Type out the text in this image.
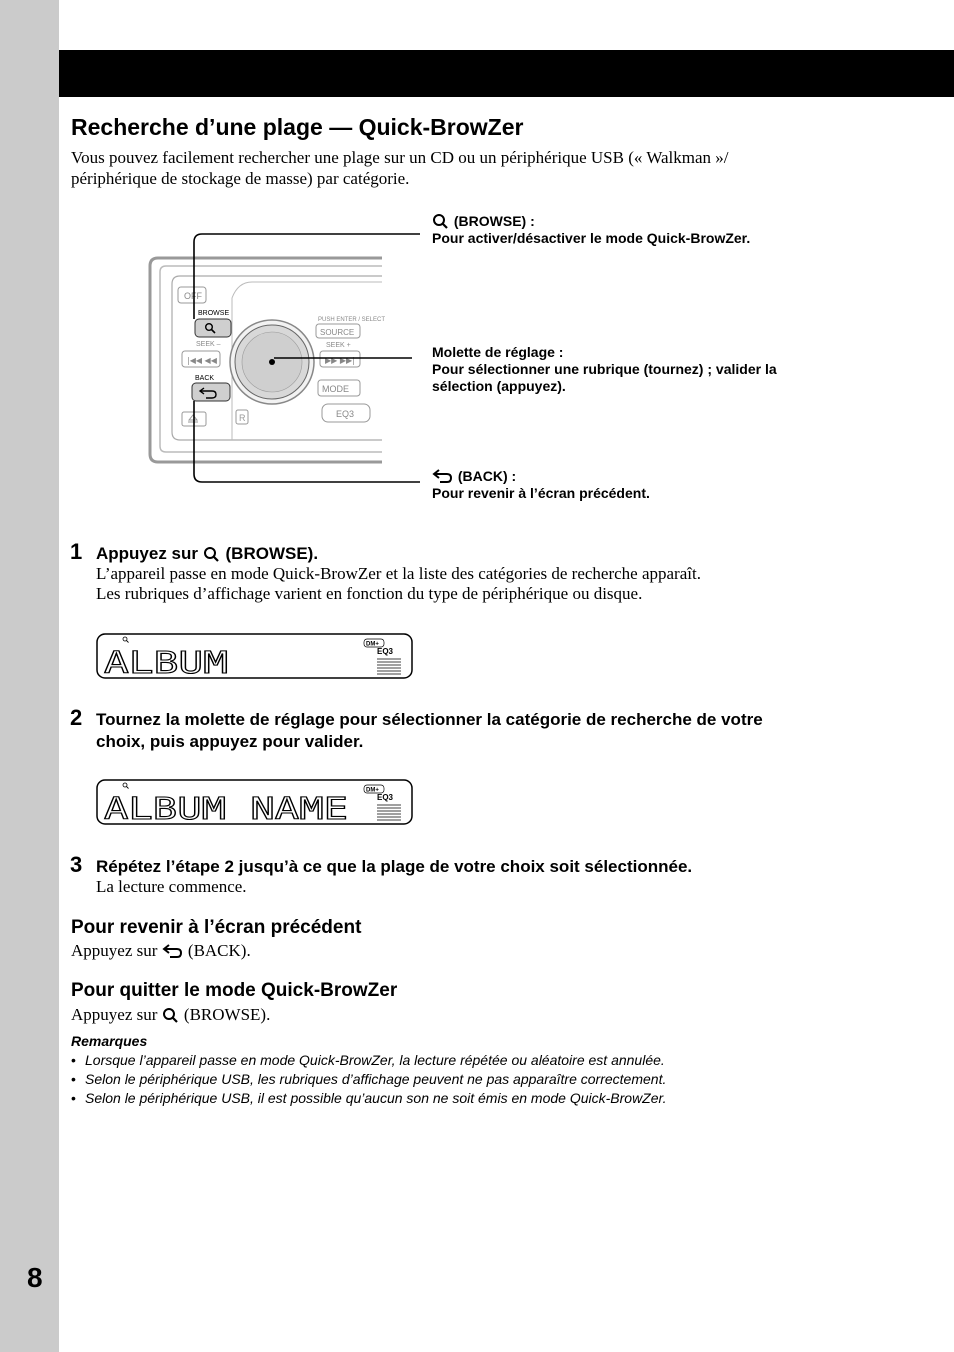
8
Recherche d’une plage — Quick-BrowZer

Vous pouvez facilement rechercher une plage sur un CD ou un périphérique USB (« Walkman »/
périphérique de stockage de masse) par catégorie.

OFF
BROWSE
SEEK –
|◀◀ ◀◀
BACK
R
PUSH ENTER / SELECT
SOURCE
SEEK +
▶▶ ▶▶|
MODE
EQ3
(BROWSE) :
Pour activer/désactiver le mode Quick-BrowZer.
Molette de réglage :
Pour sélectionner une rubrique (tournez) ; valider la
sélection (appuyez).
(BACK) :
Pour revenir à l’écran précédent.
1 Appuyez sur (BROWSE).
L’appareil passe en mode Quick-BrowZer et la liste des catégories de recherche apparaît.
Les rubriques d’affichage varient en fonction du type de périphérique ou disque.
ALBUM
DM+
EQ3
2 Tournez la molette de réglage pour sélectionner la catégorie de recherche de votre
choix, puis appuyez pour valider.
ALBUM NAME
DM+
EQ3
3 Répétez l’étape 2 jusqu’à ce que la plage de votre choix soit sélectionnée.
La lecture commence.
Pour revenir à l’écran précédent
Appuyez sur (BACK).
Pour quitter le mode Quick-BrowZer
Appuyez sur (BROWSE).
Remarques
• Lorsque l’appareil passe en mode Quick-BrowZer, la lecture répétée ou aléatoire est annulée.
• Selon le périphérique USB, les rubriques d’affichage peuvent ne pas apparaître correctement.
• Selon le périphérique USB, il est possible qu’aucun son ne soit émis en mode Quick-BrowZer.
